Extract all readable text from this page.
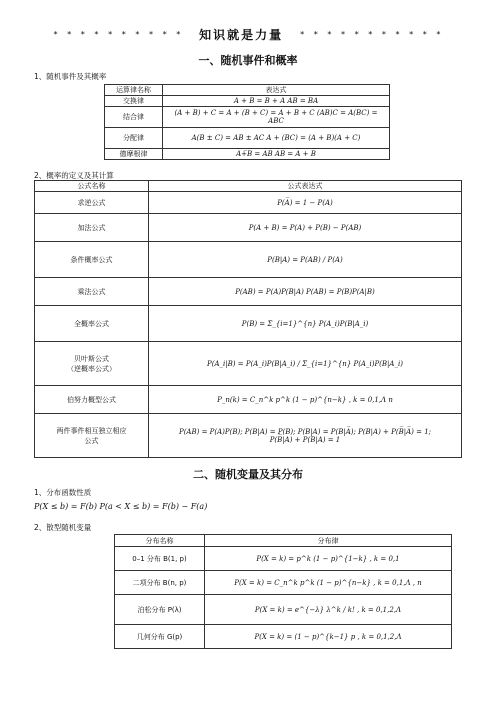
* * * * * * * * * * 知识就是力量 * * * * * * * * * * *
一、随机事件和概率
1、随机事件及其概率
运算律名称	表达式
交换律	A + B = B + A AB = BA
结合律	(A + B) + C = A + (B + C) = A + B + C (AB)C = A(BC) = ABC
分配律	A(B ± C) = AB ± AC A + (BC) = (A + B)(A + C)
德摩根律	A̅+̅B̅ = A̅B̅ A̅B̅ = A̅ + B̅
2、概率的定义及其计算
公式名称	公式表达式
求逆公式	P(A̅) = 1 − P(A)
加法公式	P(A + B) = P(A) + P(B) − P(AB)
条件概率公式	P(B|A) = P(AB) / P(A)
乘法公式	P(AB) = P(A)P(B|A) P(AB) = P(B)P(A|B)
全概率公式	P(B) = Σ_{i=1}^{n} P(A_i)P(B|A_i)
贝叶斯公式
（逆概率公式）	P(A_i|B) = P(A_i)P(B|A_i) / Σ_{i=1}^{n} P(A_i)P(B|A_i)
伯努力概型公式	P_n(k) = C_n^k p^k (1 − p)^{n−k} , k = 0,1,Λ n
两件事件相互独立相应
公式	P(AB) = P(A)P(B); P(B|A) = P(B); P(B|A) = P(B|A̅); P(B|A) + P(B̅|A̅) = 1;
P(B̅|A) + P(B|A) = 1
二、随机变量及其分布
1、分布函数性质
P(X ≤ b) = F(b) P(a < X ≤ b) = F(b) − F(a)
2、散型随机变量
分布名称	分布律
0–1 分布 B(1, p)	P(X = k) = p^k (1 − p)^{1−k} , k = 0,1
二项分布 B(n, p)	P(X = k) = C_n^k p^k (1 − p)^{n−k} , k = 0,1,Λ , n
泊松分布 P(λ)	P(X = k) = e^{−λ} λ^k / k! , k = 0,1,2,Λ
几何分布 G(p)	P(X = k) = (1 − p)^{k−1} p , k = 0,1,2,Λ
